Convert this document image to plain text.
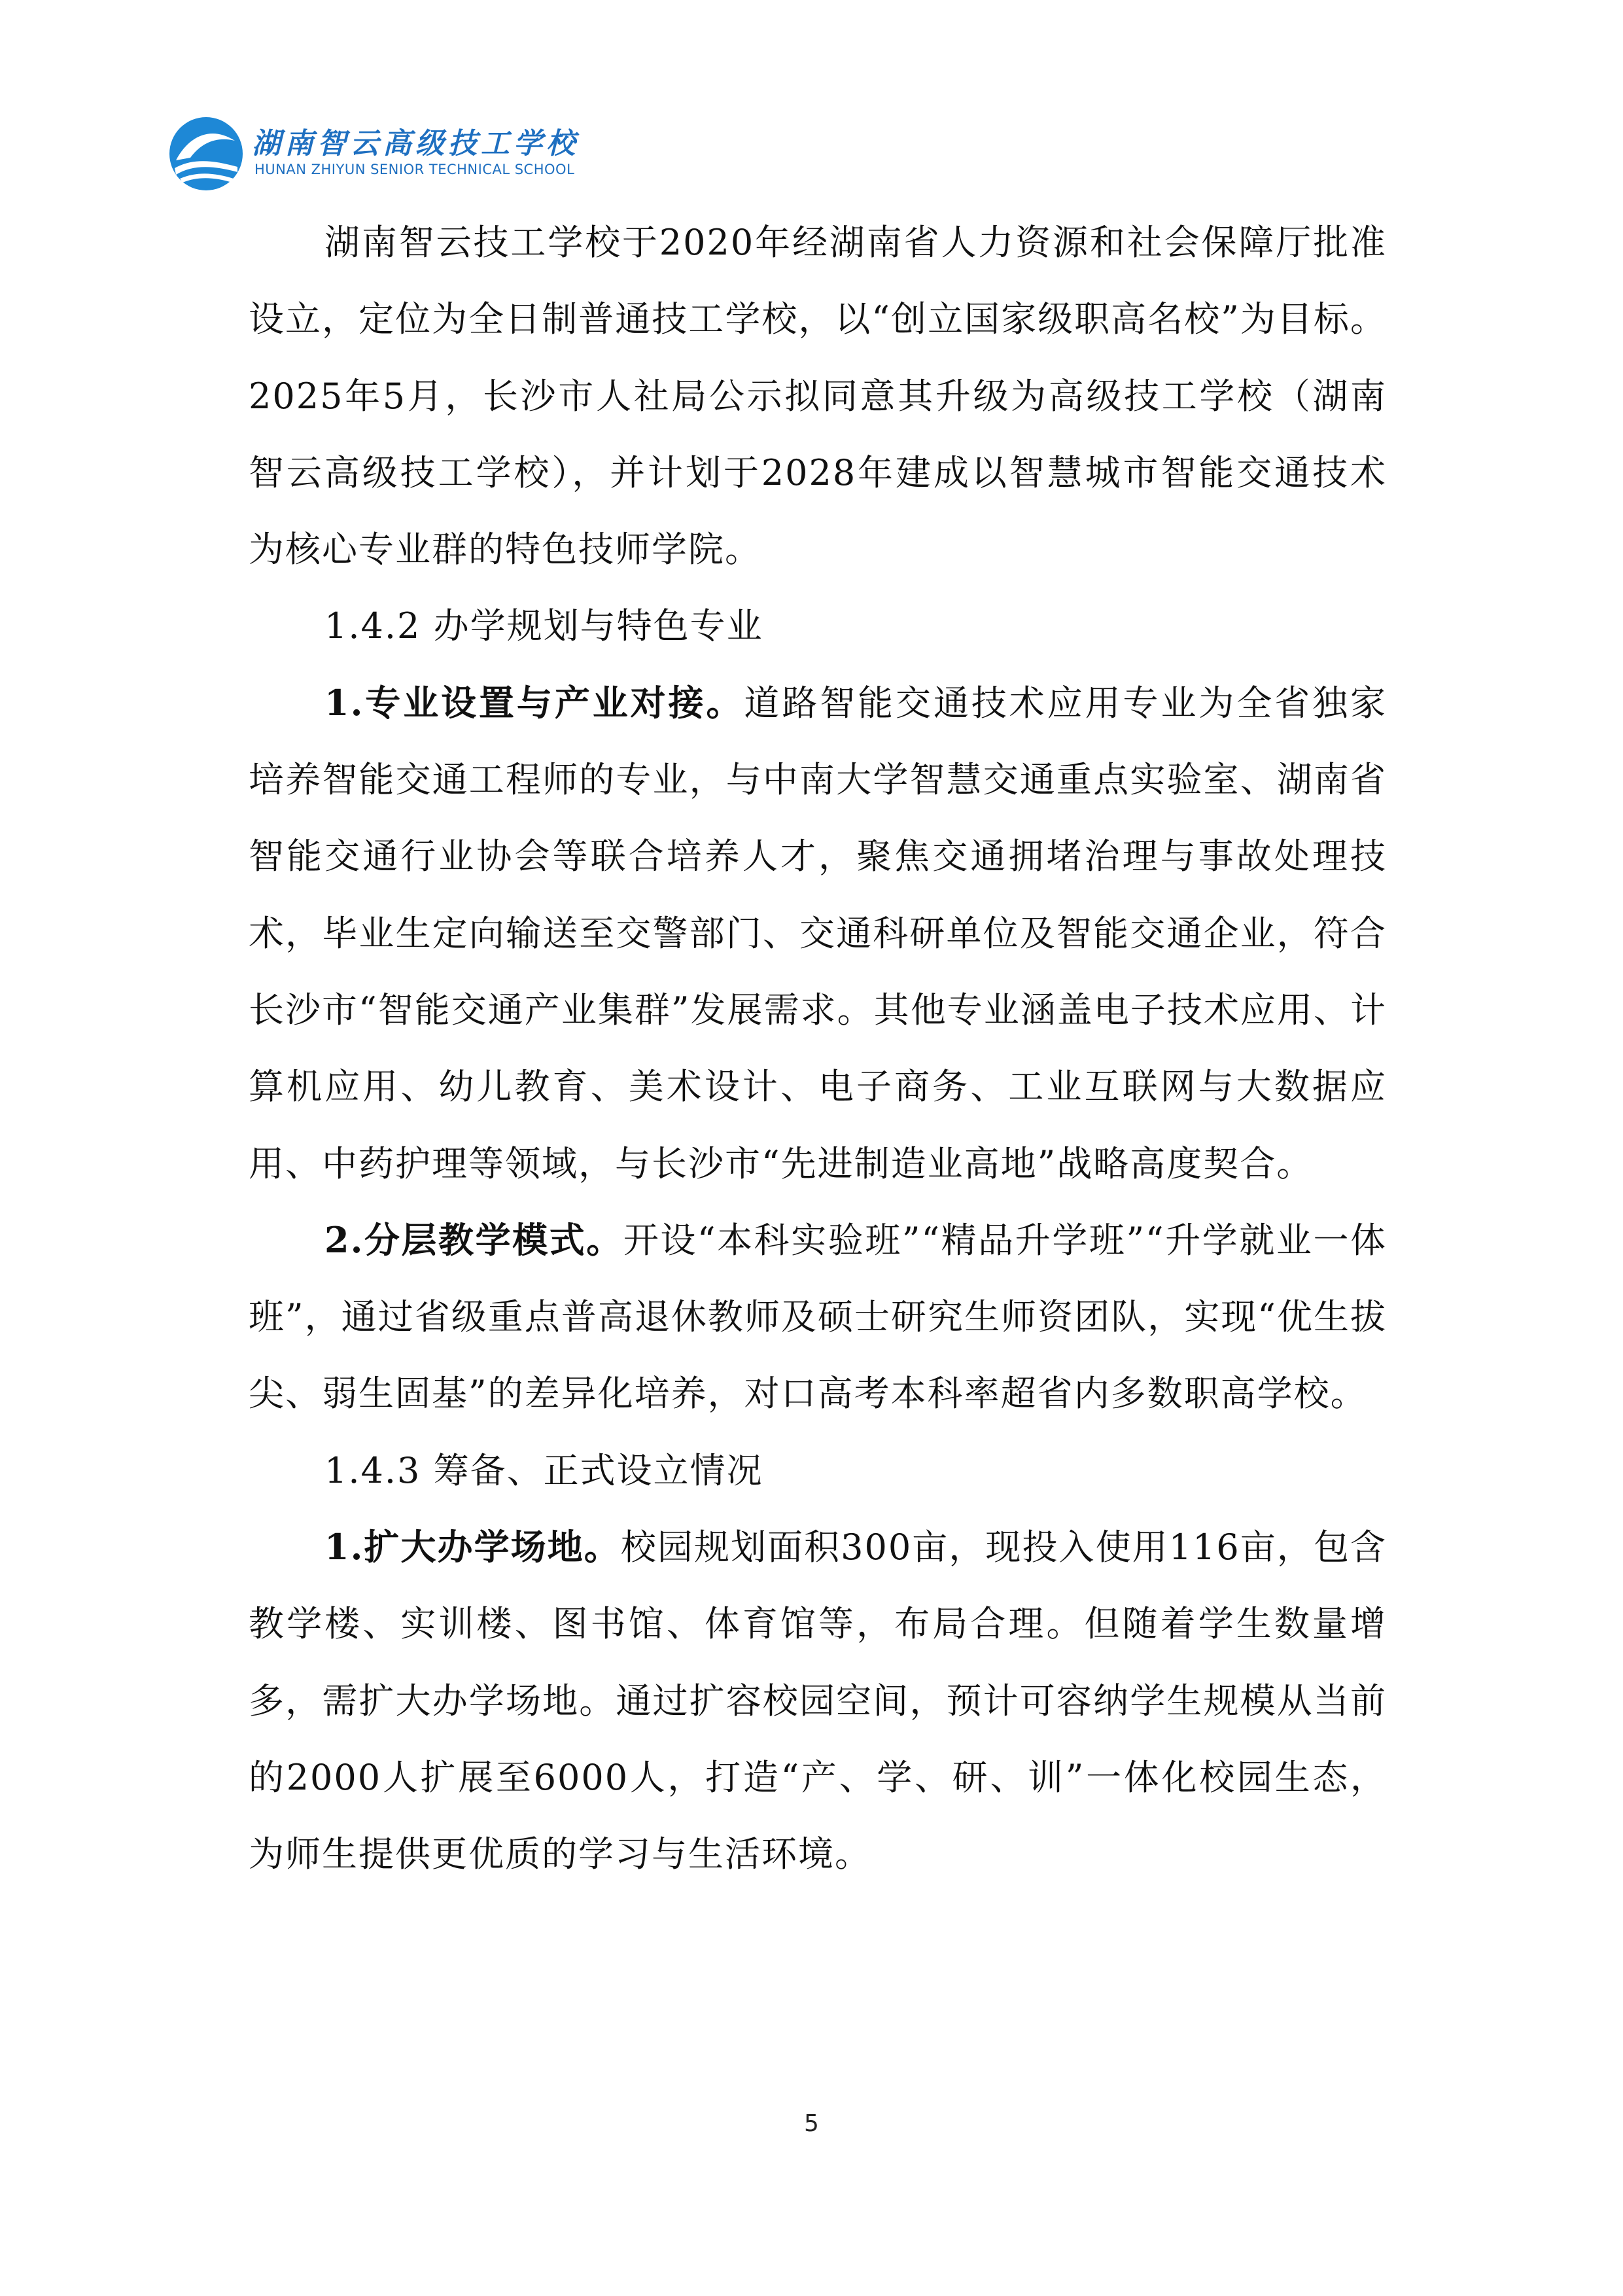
湖南智云高级技工学校
HUNAN ZHIYUN SENIOR TECHNICAL SCHOOL

湖南智云技工学校于2020年经湖南省人力资源和社会保障厅批准设立，定位为全日制普通技工学校，以“创立国家级职高名校”为目标。2025年5月，长沙市人社局公示拟同意其升级为高级技工学校（湖南智云高级技工学校），并计划于2028年建成以智慧城市智能交通技术为核心专业群的特色技师学院。

1.4.2 办学规划与特色专业

1.专业设置与产业对接。道路智能交通技术应用专业为全省独家培养智能交通工程师的专业，与中南大学智慧交通重点实验室、湖南省智能交通行业协会等联合培养人才，聚焦交通拥堵治理与事故处理技术，毕业生定向输送至交警部门、交通科研单位及智能交通企业，符合长沙市“智能交通产业集群”发展需求。其他专业涵盖电子技术应用、计算机应用、幼儿教育、美术设计、电子商务、工业互联网与大数据应用、中药护理等领域，与长沙市“先进制造业高地”战略高度契合。

2.分层教学模式。开设“本科实验班”“精品升学班”“升学就业一体班”，通过省级重点普高退休教师及硕士研究生师资团队，实现“优生拔尖、弱生固基”的差异化培养，对口高考本科率超省内多数职高学校。

1.4.3 筹备、正式设立情况

1.扩大办学场地。校园规划面积300亩，现投入使用116亩，包含教学楼、实训楼、图书馆、体育馆等，布局合理。但随着学生数量增多，需扩大办学场地。通过扩容校园空间，预计可容纳学生规模从当前的2000人扩展至6000人，打造“产、学、研、训”一体化校园生态，为师生提供更优质的学习与生活环境。

5
